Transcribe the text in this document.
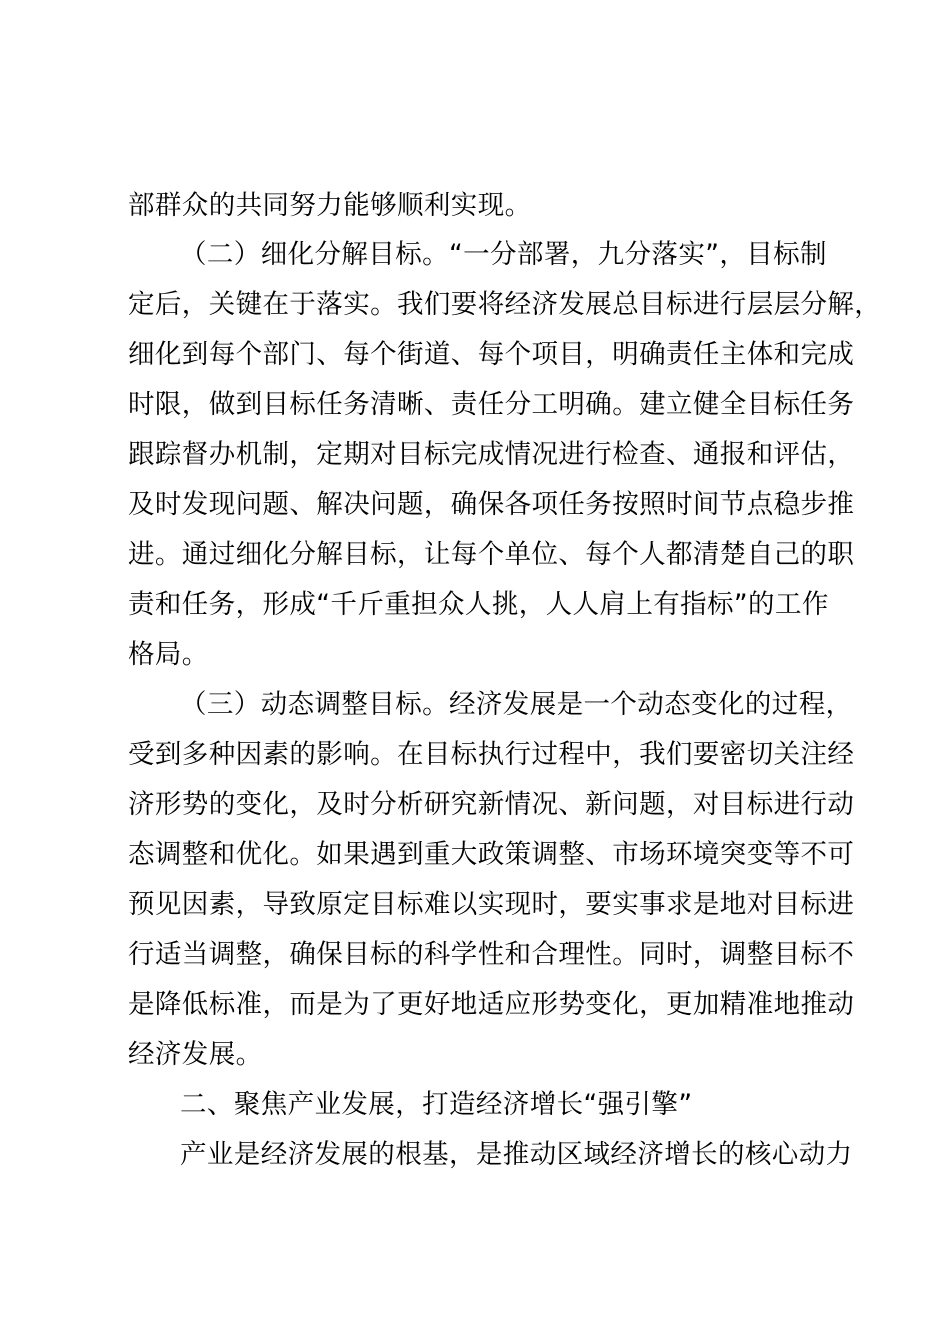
部群众的共同努力能够顺利实现。
（二）细化分解目标。“一分部署，九分落实”，目标制
定后，关键在于落实。我们要将经济发展总目标进行层层分解，
细化到每个部门、每个街道、每个项目，明确责任主体和完成
时限，做到目标任务清晰、责任分工明确。建立健全目标任务
跟踪督办机制，定期对目标完成情况进行检查、通报和评估，
及时发现问题、解决问题，确保各项任务按照时间节点稳步推
进。通过细化分解目标，让每个单位、每个人都清楚自己的职
责和任务，形成“千斤重担众人挑，人人肩上有指标”的工作
格局。
（三）动态调整目标。经济发展是一个动态变化的过程，
受到多种因素的影响。在目标执行过程中，我们要密切关注经
济形势的变化，及时分析研究新情况、新问题，对目标进行动
态调整和优化。如果遇到重大政策调整、市场环境突变等不可
预见因素，导致原定目标难以实现时，要实事求是地对目标进
行适当调整，确保目标的科学性和合理性。同时，调整目标不
是降低标准，而是为了更好地适应形势变化，更加精准地推动
经济发展。
二、聚焦产业发展，打造经济增长“强引擎”
产业是经济发展的根基，是推动区域经济增长的核心动力
